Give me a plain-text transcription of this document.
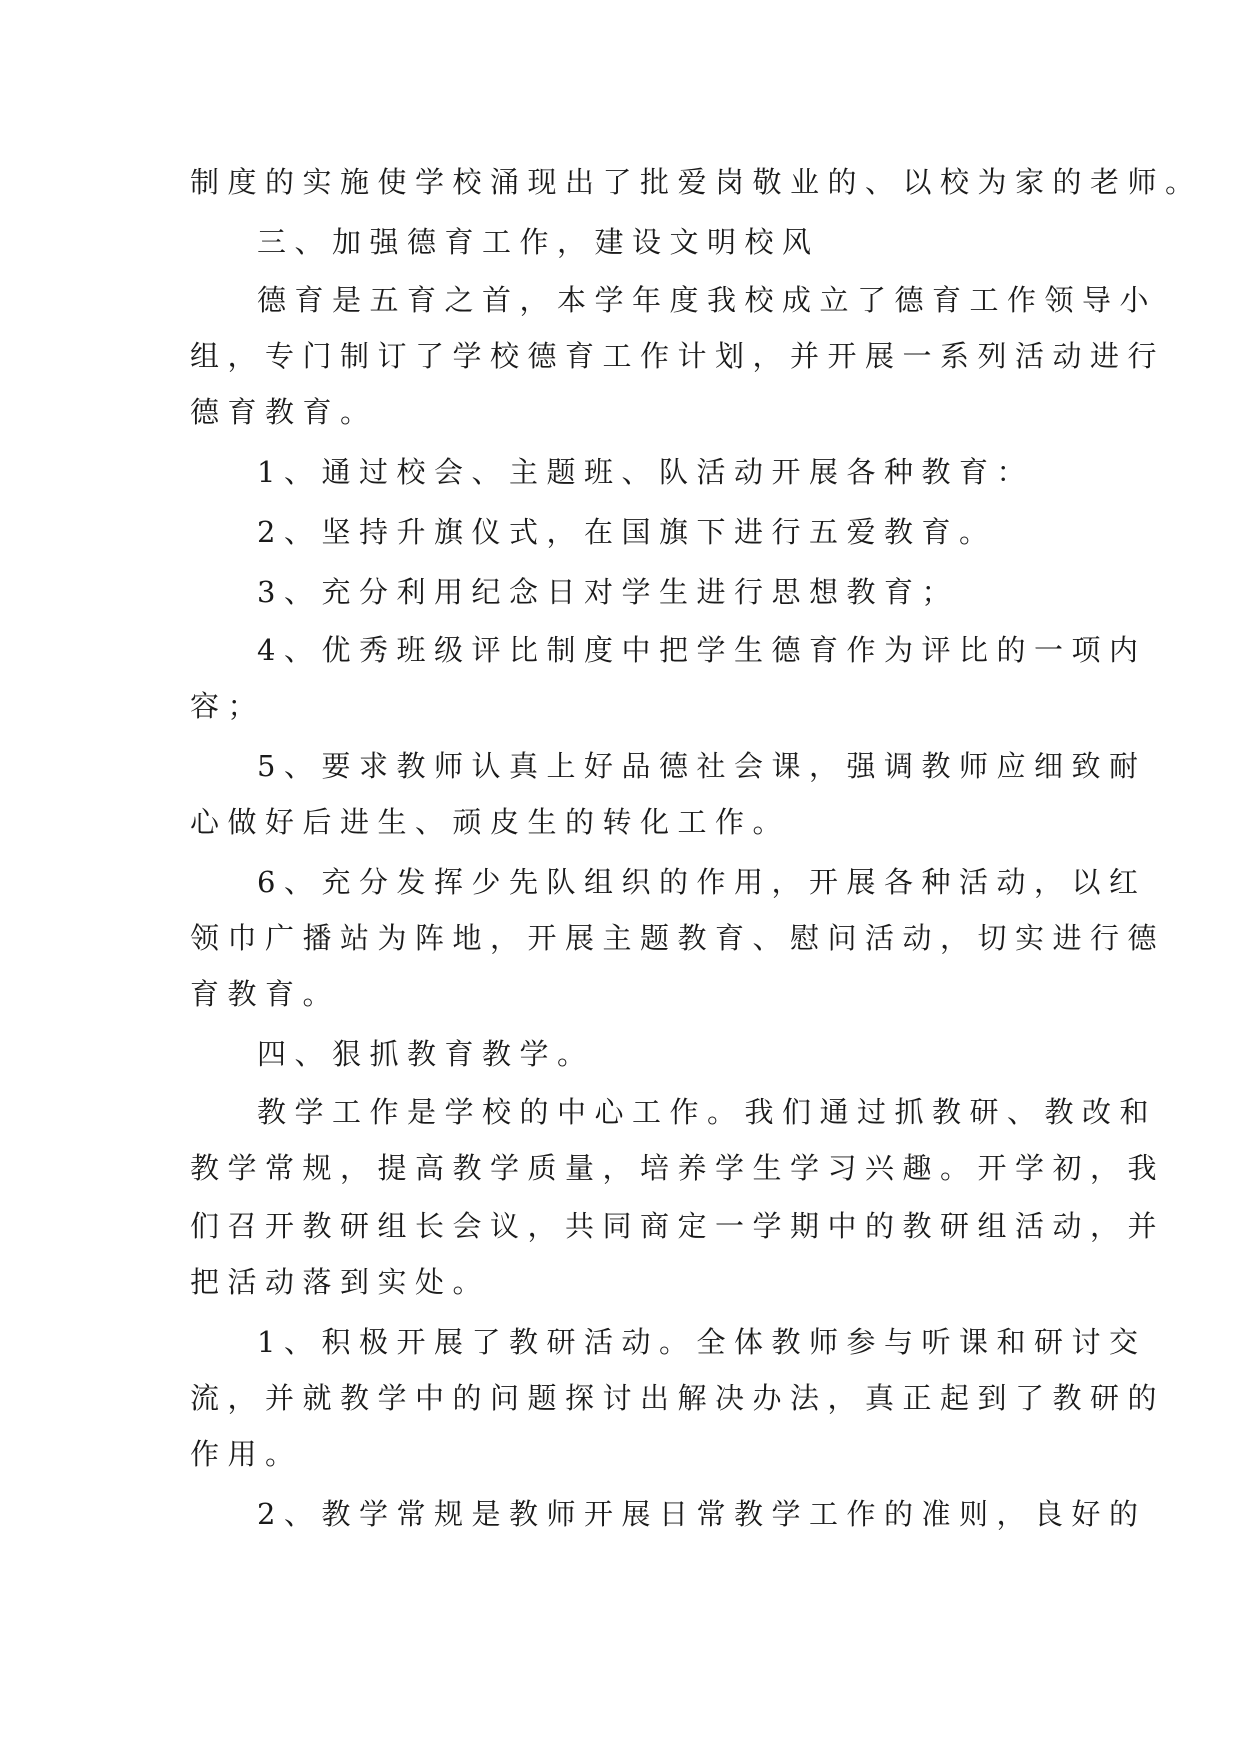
制度的实施使学校涌现出了批爱岗敬业的、以校为家的老师。
三、加强德育工作，建设文明校风
德育是五育之首，本学年度我校成立了德育工作领导小
组，专门制订了学校德育工作计划，并开展一系列活动进行
德育教育。
1、通过校会、主题班、队活动开展各种教育：
2、坚持升旗仪式，在国旗下进行五爱教育。
3、充分利用纪念日对学生进行思想教育；
4、优秀班级评比制度中把学生德育作为评比的一项内
容；
5、要求教师认真上好品德社会课，强调教师应细致耐
心做好后进生、顽皮生的转化工作。
6、充分发挥少先队组织的作用，开展各种活动，以红
领巾广播站为阵地，开展主题教育、慰问活动，切实进行德
育教育。
四、狠抓教育教学。
教学工作是学校的中心工作。我们通过抓教研、教改和
教学常规，提高教学质量，培养学生学习兴趣。开学初，我
们召开教研组长会议，共同商定一学期中的教研组活动，并
把活动落到实处。
1、积极开展了教研活动。全体教师参与听课和研讨交
流，并就教学中的问题探讨出解决办法，真正起到了教研的
作用。
2、教学常规是教师开展日常教学工作的准则，良好的
